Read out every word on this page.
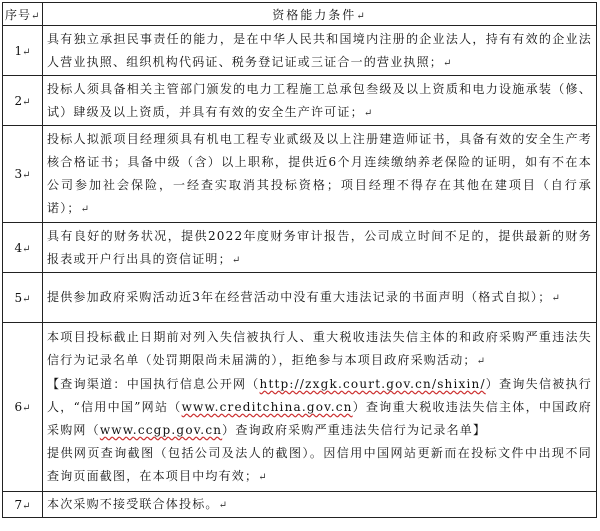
序号↵	资格能力条件↵
1↵	具有独立承担民事责任的能力，是在中华人民共和国境内注册的企业法人，持有有效的企业法人营业执照、组织机构代码证、税务登记证或三证合一的营业执照；↵
2↵	投标人须具备相关主管部门颁发的电力工程施工总承包叁级及以上资质和电力设施承装（修、试）肆级及以上资质，并具有有效的安全生产许可证；↵
3↵	投标人拟派项目经理须具有机电工程专业贰级及以上注册建造师证书，具备有效的安全生产考核合格证书；具备中级（含）以上职称，提供近6个月连续缴纳养老保险的证明，如有不在本公司参加社会保险，一经查实取消其投标资格；项目经理不得存在其他在建项目（自行承诺）；↵
4↵	具有良好的财务状况，提供2022年度财务审计报告，公司成立时间不足的，提供最新的财务报表或开户行出具的资信证明；↵
5↵	提供参加政府采购活动近3年在经营活动中没有重大违法记录的书面声明（格式自拟）；↵
6↵	本项目投标截止日期前对列入失信被执行人、重大税收违法失信主体的和政府采购严重违法失信行为记录名单（处罚期限尚未届满的），拒绝参与本项目政府采购活动；↵
【查询渠道：中国执行信息公开网（http://zxgk.court.gov.cn/shixin/）查询失信被执行人，“信用中国”网站（www.creditchina.gov.cn）查询重大税收违法失信主体，中国政府采购网（www.ccgp.gov.cn）查询政府采购严重违法失信行为记录名单】
提供网页查询截图（包括公司及法人的截图）。因信用中国网站更新而在投标文件中出现不同查询页面截图，在本项目中均有效；↵
7↵	本次采购不接受联合体投标。↵
